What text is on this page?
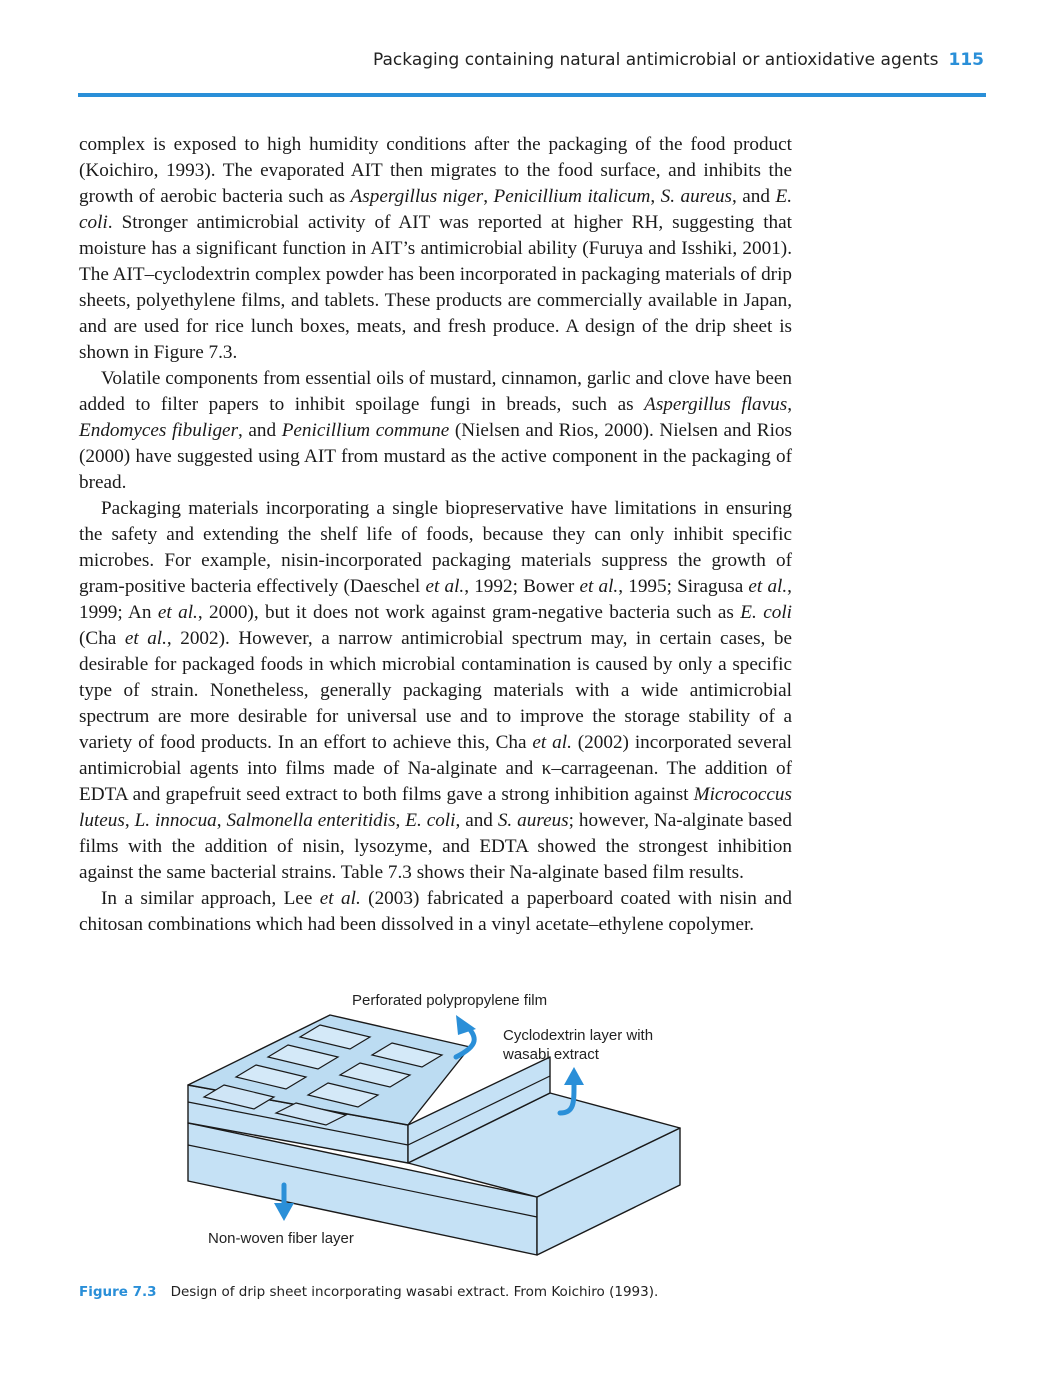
Packaging containing natural antimicrobial or antioxidative agents 115

complex is exposed to high humidity conditions after the packaging of the food product (Koichiro, 1993). The evaporated AIT then migrates to the food surface, and inhibits the growth of aerobic bacteria such as Aspergillus niger, Penicillium italicum, S. aureus, and E. coli. Stronger antimicrobial activity of AIT was reported at higher RH, suggesting that moisture has a significant function in AIT’s antimicrobial ability (Furuya and Isshiki, 2001). The AIT–cyclodextrin complex powder has been incorporated in packaging materials of drip sheets, polyethylene films, and tablets. These products are commercially available in Japan, and are used for rice lunch boxes, meats, and fresh produce. A design of the drip sheet is shown in Figure 7.3.

Volatile components from essential oils of mustard, cinnamon, garlic and clove have been added to filter papers to inhibit spoilage fungi in breads, such as Aspergillus flavus, Endomyces fibuliger, and Penicillium commune (Nielsen and Rios, 2000). Nielsen and Rios (2000) have suggested using AIT from mustard as the active component in the packaging of bread.

Packaging materials incorporating a single biopreservative have limitations in ensuring the safety and extending the shelf life of foods, because they can only inhibit specific microbes. For example, nisin-incorporated packaging materials suppress the growth of gram-positive bacteria effectively (Daeschel et al., 1992; Bower et al., 1995; Siragusa et al., 1999; An et al., 2000), but it does not work against gram-negative bacteria such as E. coli (Cha et al., 2002). However, a narrow antimicrobial spectrum may, in certain cases, be desirable for packaged foods in which microbial contamination is caused by only a specific type of strain. Nonetheless, generally packaging materials with a wide antimicrobial spectrum are more desirable for universal use and to improve the storage stability of a variety of food products. In an effort to achieve this, Cha et al. (2002) incorporated several antimicrobial agents into films made of Na-alginate and κ–carrageenan. The addition of EDTA and grapefruit seed extract to both films gave a strong inhibition against Micrococcus luteus, L. innocua, Salmonella enteritidis, E. coli, and S. aureus; however, Na-alginate based films with the addition of nisin, lysozyme, and EDTA showed the strongest inhibition against the same bacterial strains. Table 7.3 shows their Na-alginate based film results.

In a similar approach, Lee et al. (2003) fabricated a paperboard coated with nisin and chitosan combinations which had been dissolved in a vinyl acetate–ethylene copolymer.

Perforated polypropylene film
Cyclodextrin layer with
wasabi extract
Non-woven fiber layer
Figure 7.3 Design of drip sheet incorporating wasabi extract. From Koichiro (1993).
